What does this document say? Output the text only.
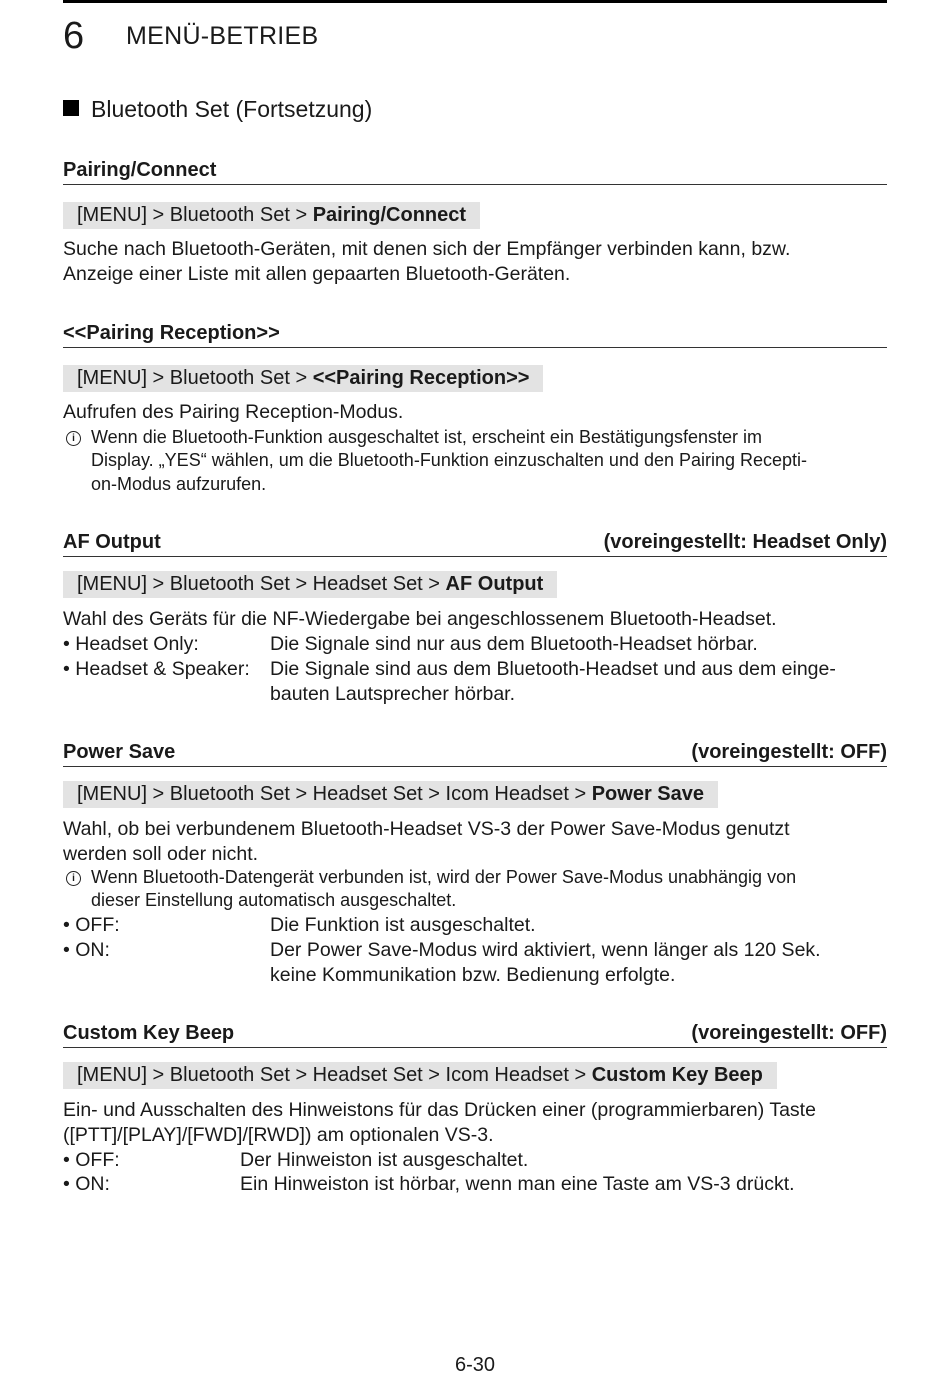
6 MENÜ-BETRIEB
Bluetooth Set (Fortsetzung)
Pairing/Connect
[MENU] > Bluetooth Set > Pairing/Connect
Suche nach Bluetooth-Geräten, mit denen sich der Empfänger verbinden kann, bzw.
Anzeige einer Liste mit allen gepaarten Bluetooth-Geräten.
<<Pairing Reception>>
[MENU] > Bluetooth Set > <<Pairing Reception>>
Aufrufen des Pairing Reception-Modus.
i Wenn die Bluetooth-Funktion ausgeschaltet ist, erscheint ein Bestätigungsfenster im
Display. „YES“ wählen, um die Bluetooth-Funktion einzuschalten und den Pairing Recepti-
on-Modus aufzurufen.
AF Output	(voreingestellt: Headset Only)
[MENU] > Bluetooth Set > Headset Set > AF Output
Wahl des Geräts für die NF-Wiedergabe bei angeschlossenem Bluetooth-Headset.
• Headset Only:	Die Signale sind nur aus dem Bluetooth-Headset hörbar.
• Headset & Speaker: Die Signale sind aus dem Bluetooth-Headset und aus dem einge-
bauten Lautsprecher hörbar.
Power Save	(voreingestellt: OFF)
[MENU] > Bluetooth Set > Headset Set > Icom Headset > Power Save
Wahl, ob bei verbundenem Bluetooth-Headset VS-3 der Power Save-Modus genutzt
werden soll oder nicht.
i Wenn Bluetooth-Datengerät verbunden ist, wird der Power Save-Modus unabhängig von
dieser Einstellung automatisch ausgeschaltet.
• OFF:	Die Funktion ist ausgeschaltet.
• ON:	Der Power Save-Modus wird aktiviert, wenn länger als 120 Sek.
keine Kommunikation bzw. Bedienung erfolgte.
Custom Key Beep	(voreingestellt: OFF)
[MENU] > Bluetooth Set > Headset Set > Icom Headset > Custom Key Beep
Ein- und Ausschalten des Hinweistons für das Drücken einer (programmierbaren) Taste
([PTT]/[PLAY]/[FWD]/[RWD]) am optionalen VS-3.
• OFF:	Der Hinweiston ist ausgeschaltet.
• ON:	Ein Hinweiston ist hörbar, wenn man eine Taste am VS-3 drückt.
6-30
